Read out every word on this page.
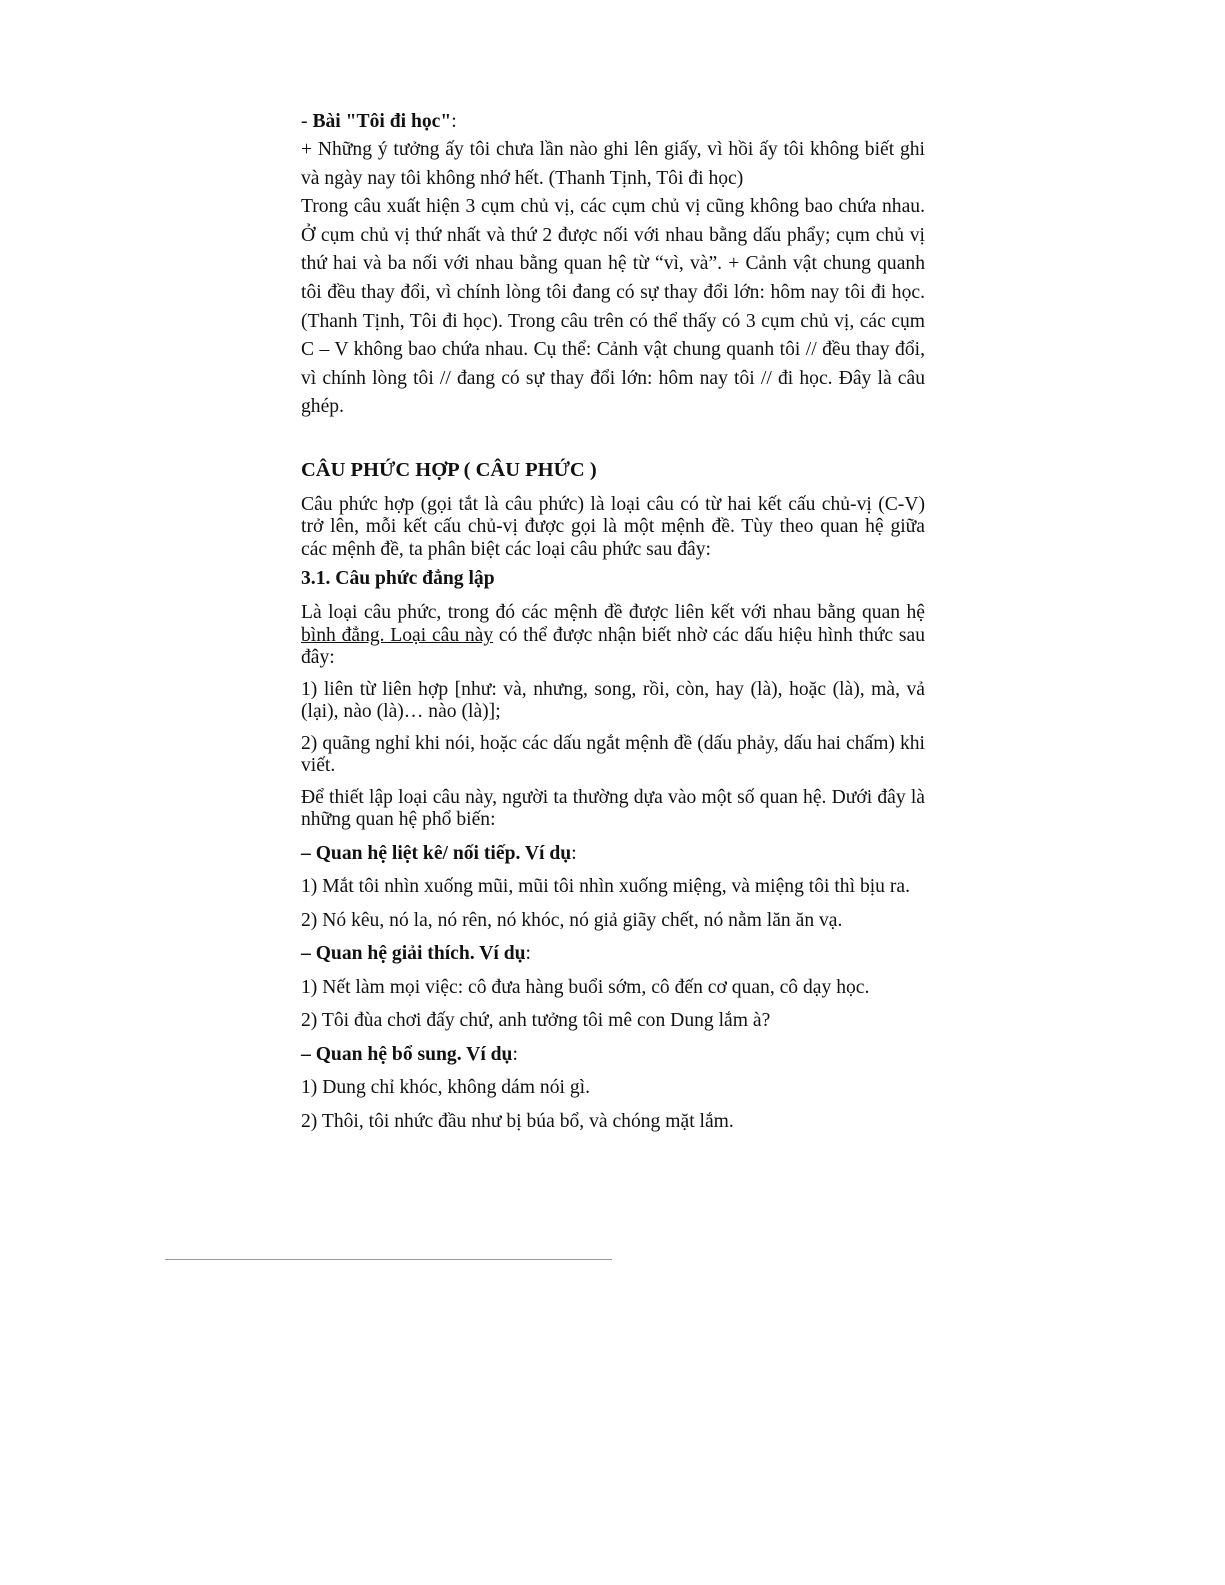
- Bài "Tôi đi học":

+ Những ý tưởng ấy tôi chưa lần nào ghi lên giấy, vì hồi ấy tôi không biết ghi và ngày nay tôi không nhớ hết. (Thanh Tịnh, Tôi đi học)

Trong câu xuất hiện 3 cụm chủ vị, các cụm chủ vị cũng không bao chứa nhau. Ở cụm chủ vị thứ nhất và thứ 2 được nối với nhau bằng dấu phẩy; cụm chủ vị thứ hai và ba nối với nhau bằng quan hệ từ “vì, và”. + Cảnh vật chung quanh tôi đều thay đổi, vì chính lòng tôi đang có sự thay đổi lớn: hôm nay tôi đi học. (Thanh Tịnh, Tôi đi học). Trong câu trên có thể thấy có 3 cụm chủ vị, các cụm C – V không bao chứa nhau. Cụ thể: Cảnh vật chung quanh tôi // đều thay đổi, vì chính lòng tôi // đang có sự thay đổi lớn: hôm nay tôi // đi học. Đây là câu ghép.

CÂU PHỨC HỢP ( CÂU PHỨC )

Câu phức hợp (gọi tắt là câu phức) là loại câu có từ hai kết cấu chủ-vị (C-V) trở lên, mỗi kết cấu chủ-vị được gọi là một mệnh đề. Tùy theo quan hệ giữa các mệnh đề, ta phân biệt các loại câu phức sau đây:

3.1. Câu phức đẳng lập

Là loại câu phức, trong đó các mệnh đề được liên kết với nhau bằng quan hệ bình đẳng. Loại câu này có thể được nhận biết nhờ các dấu hiệu hình thức sau đây:

1) liên từ liên hợp [như: và, nhưng, song, rồi, còn, hay (là), hoặc (là), mà, vả (lại), nào (là)… nào (là)];

2) quãng nghỉ khi nói, hoặc các dấu ngắt mệnh đề (dấu phảy, dấu hai chấm) khi viết.

Để thiết lập loại câu này, người ta thường dựa vào một số quan hệ. Dưới đây là những quan hệ phổ biến:

– Quan hệ liệt kê/ nối tiếp. Ví dụ:

1) Mắt tôi nhìn xuống mũi, mũi tôi nhìn xuống miệng, và miệng tôi thì bịu ra.

2) Nó kêu, nó la, nó rên, nó khóc, nó giả giãy chết, nó nằm lăn ăn vạ.

– Quan hệ giải thích. Ví dụ:

1) Nết làm mọi việc: cô đưa hàng buổi sớm, cô đến cơ quan, cô dạy học.

2) Tôi đùa chơi đấy chứ, anh tưởng tôi mê con Dung lắm à?

– Quan hệ bổ sung. Ví dụ:

1) Dung chỉ khóc, không dám nói gì.

2) Thôi, tôi nhức đầu như bị búa bổ, và chóng mặt lắm.
